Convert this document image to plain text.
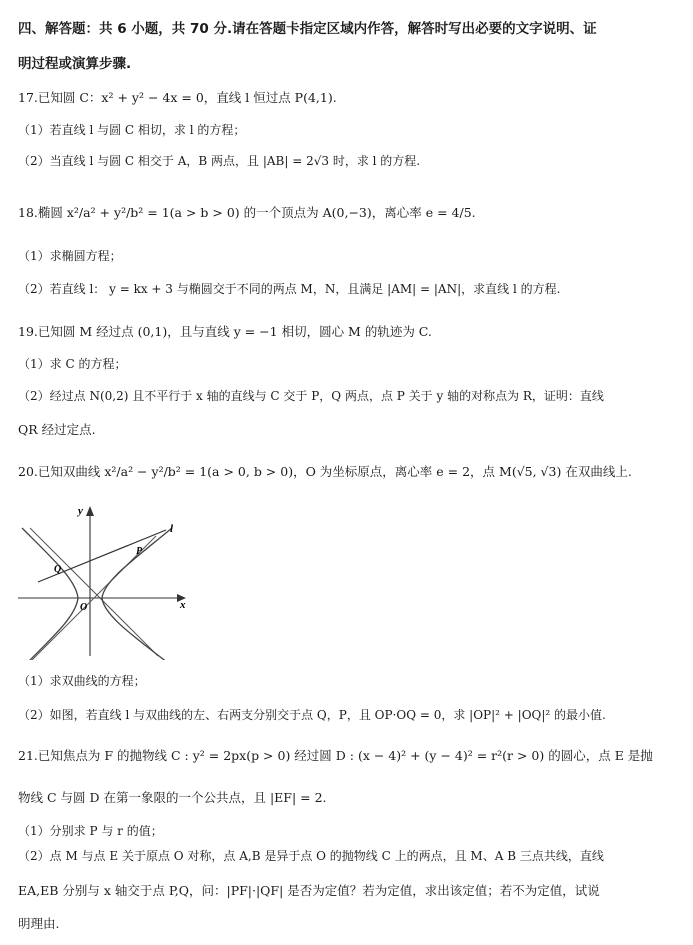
四、解答题：共 6 小题，共 70 分.请在答题卡指定区域内作答，解答时写出必要的文字说明、证
明过程或演算步骤.
17.已知圆 C：x² + y² − 4x = 0，直线 l 恒过点 P(4,1).
（1）若直线 l 与圆 C 相切，求 l 的方程；
（2）当直线 l 与圆 C 相交于 A，B 两点，且 |AB| = 2√3 时，求 l 的方程.
18.椭圆 x²/a² + y²/b² = 1(a > b > 0) 的一个顶点为 A(0,−3)，离心率 e = 4/5.
（1）求椭圆方程；
（2）若直线 l： y = kx + 3 与椭圆交于不同的两点 M，N，且满足 |AM| = |AN|，求直线 l 的方程.
19.已知圆 M 经过点 (0,1)，且与直线 y = −1 相切，圆心 M 的轨迹为 C.
（1）求 C 的方程；
（2）经过点 N(0,2) 且不平行于 x 轴的直线与 C 交于 P，Q 两点，点 P 关于 y 轴的对称点为 R，证明：直线
QR 经过定点.
20.已知双曲线 x²/a² − y²/b² = 1(a > 0, b > 0)，O 为坐标原点，离心率 e = 2，点 M(√5, √3) 在双曲线上.
y
x
l
P
Q
O
（1）求双曲线的方程；
（2）如图，若直线 l 与双曲线的左、右两支分别交于点 Q，P，且 OP·OQ = 0，求 |OP|² + |OQ|² 的最小值.
21.已知焦点为 F 的抛物线 C : y² = 2px(p > 0) 经过圆 D : (x − 4)² + (y − 4)² = r²(r > 0) 的圆心，点 E 是抛
物线 C 与圆 D 在第一象限的一个公共点，且 |EF| = 2.
（1）分别求 P 与 r 的值；
（2）点 M 与点 E 关于原点 O 对称，点 A,B 是异于点 O 的抛物线 C 上的两点，且 M、A B 三点共线，直线
EA,EB 分别与 x 轴交于点 P,Q，问：|PF|·|QF| 是否为定值？若为定值，求出该定值；若不为定值，试说
明理由.
